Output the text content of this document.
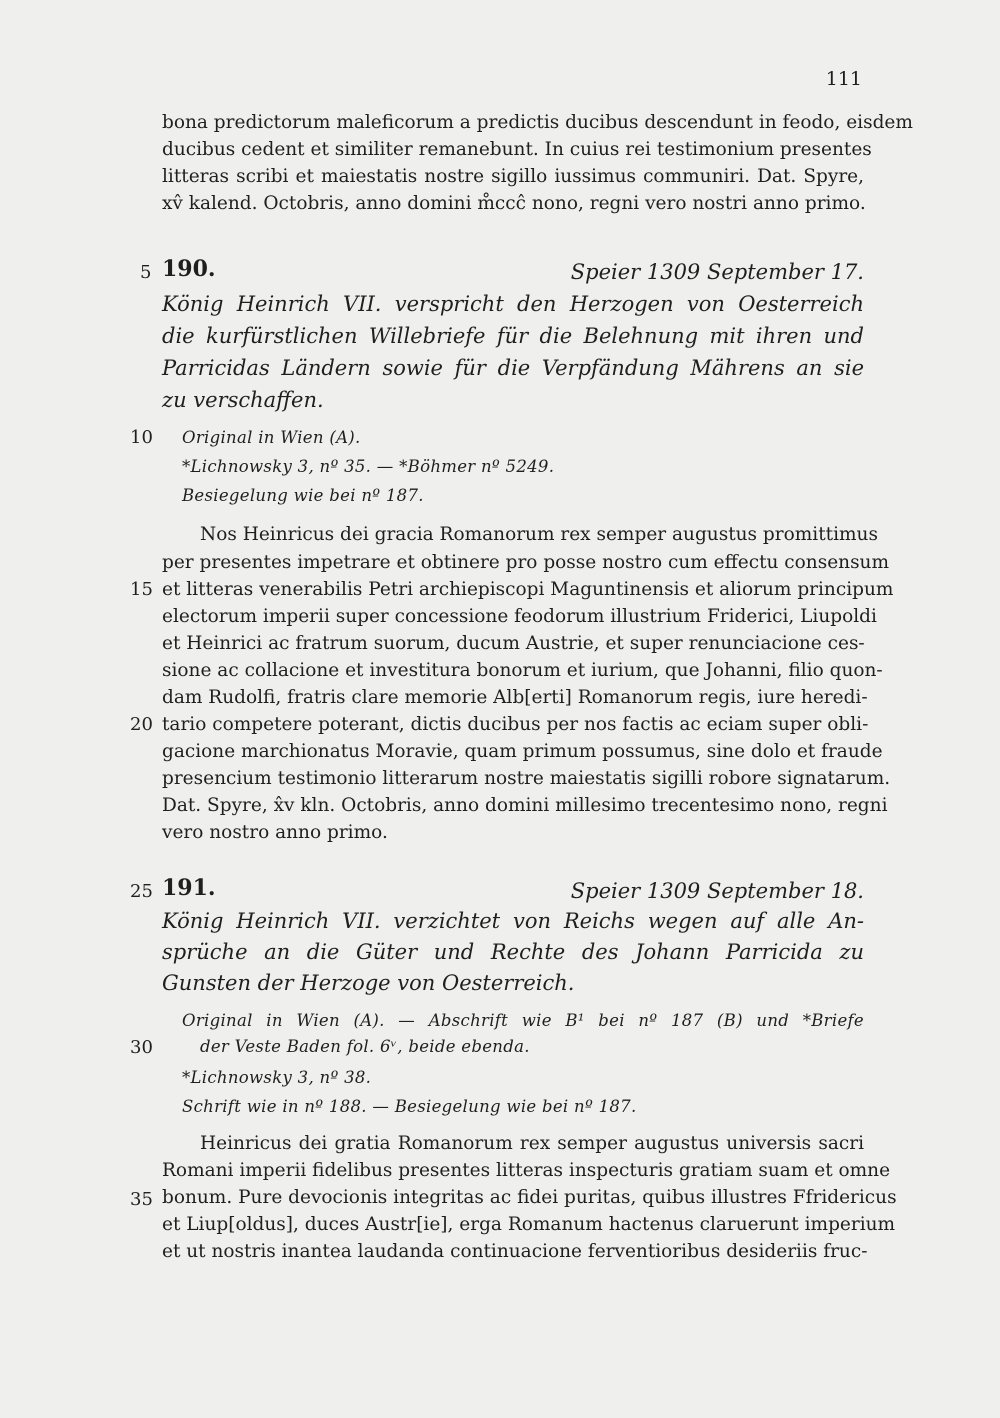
111
bona predictorum maleficorum a predictis ducibus descendunt in feodo, eisdem
ducibus cedent et similiter remanebunt. In cuius rei testimonium presentes
litteras scribi et maiestatis nostre sigillo iussimus communiri. Dat. Spyre,
xv̂ kalend. Octobris, anno domini m̊ccĉ nono, regni vero nostri anno primo.
5 190.	Speier 1309 September 17.
König Heinrich VII. verspricht den Herzogen von Oesterreich
die kurfürstlichen Willebriefe für die Belehnung mit ihren und
Parricidas Ländern sowie für die Verpfändung Mährens an sie
zu verschaffen.
10	Original in Wien (A).
*Lichnowsky 3, nº 35. — *Böhmer nº 5249.
Besiegelung wie bei nº 187.
Nos Heinricus dei gracia Romanorum rex semper augustus promittimus
per presentes impetrare et obtinere pro posse nostro cum effectu consensum
15 et litteras venerabilis Petri archiepiscopi Maguntinensis et aliorum principum
electorum imperii super concessione feodorum illustrium Friderici, Liupoldi
et Heinrici ac fratrum suorum, ducum Austrie, et super renunciacione ces-
sione ac collacione et investitura bonorum et iurium, que Johanni, filio quon-
dam Rudolfi, fratris clare memorie Alb[erti] Romanorum regis, iure heredi-
20 tario competere poterant, dictis ducibus per nos factis ac eciam super obli-
gacione marchionatus Moravie, quam primum possumus, sine dolo et fraude
presencium testimonio litterarum nostre maiestatis sigilli robore signatarum.
Dat. Spyre, x̂v kln. Octobris, anno domini millesimo trecentesimo nono, regni
vero nostro anno primo.
25 191.	Speier 1309 September 18.
König Heinrich VII. verzichtet von Reichs wegen auf alle An-
sprüche an die Güter und Rechte des Johann Parricida zu
Gunsten der Herzoge von Oesterreich.
Original in Wien (A). — Abschrift wie B¹ bei nº 187 (B) und *Briefe
30	der Veste Baden fol. 6ᵛ, beide ebenda.
*Lichnowsky 3, nº 38.
Schrift wie in nº 188. — Besiegelung wie bei nº 187.
Heinricus dei gratia Romanorum rex semper augustus universis sacri
Romani imperii fidelibus presentes litteras inspecturis gratiam suam et omne
35 bonum. Pure devocionis integritas ac fidei puritas, quibus illustres Ffridericus
et Liup[oldus], duces Austr[ie], erga Romanum hactenus claruerunt imperium
et ut nostris inantea laudanda continuacione ferventioribus desideriis fruc-
